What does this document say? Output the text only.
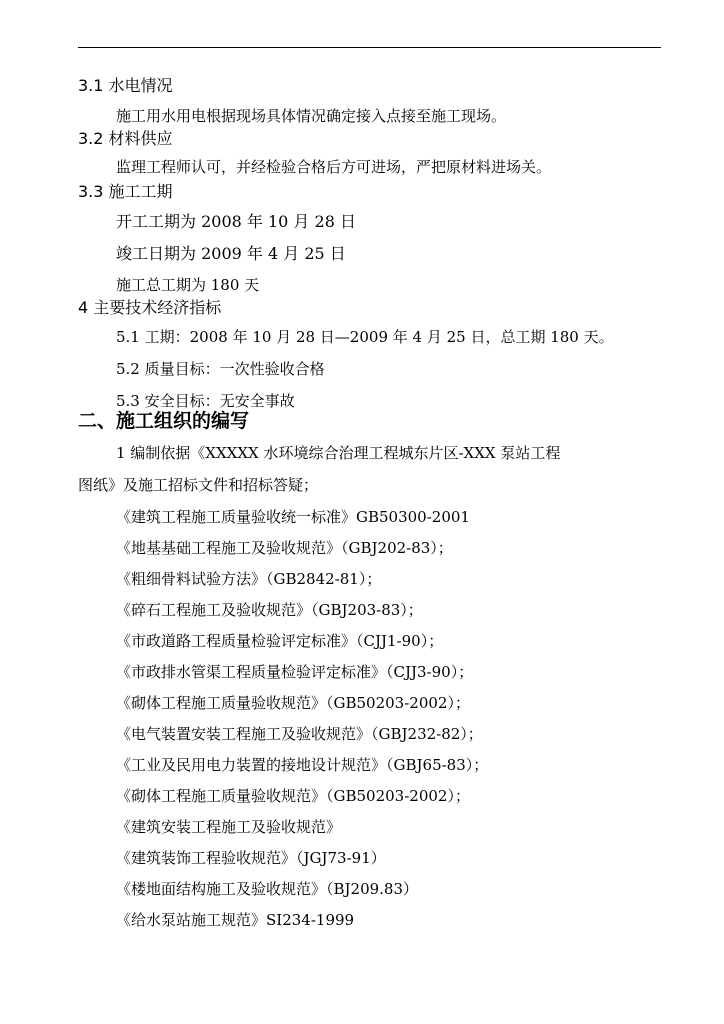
3.1 水电情况
施工用水用电根据现场具体情况确定接入点接至施工现场。
3.2 材料供应
监理工程师认可，并经检验合格后方可进场，严把原材料进场关。
3.3 施工工期
开工工期为 2008 年 10 月 28 日
竣工日期为 2009 年 4 月 25 日
施工总工期为 180 天
4 主要技术经济指标
5.1 工期：2008 年 10 月 28 日—2009 年 4 月 25 日，总工期 180 天。
5.2 质量目标：一次性验收合格
5.3 安全目标：无安全事故
二、施工组织的编写
1 编制依据《XXXXX 水环境综合治理工程城东片区-XXX 泵站工程
图纸》及施工招标文件和招标答疑；
《建筑工程施工质量验收统一标准》GB50300-2001
《地基基础工程施工及验收规范》（GBJ202-83）；
《粗细骨料试验方法》（GB2842-81）；
《碎石工程施工及验收规范》（GBJ203-83）；
《市政道路工程质量检验评定标准》（CJJ1-90）；
《市政排水管渠工程质量检验评定标准》（CJJ3-90）；
《砌体工程施工质量验收规范》（GB50203-2002）；
《电气装置安装工程施工及验收规范》（GBJ232-82）；
《工业及民用电力装置的接地设计规范》（GBJ65-83）；
《砌体工程施工质量验收规范》（GB50203-2002）；
《建筑安装工程施工及验收规范》
《建筑装饰工程验收规范》（JGJ73-91）
《楼地面结构施工及验收规范》（BJ209.83）
《给水泵站施工规范》SI234-1999
